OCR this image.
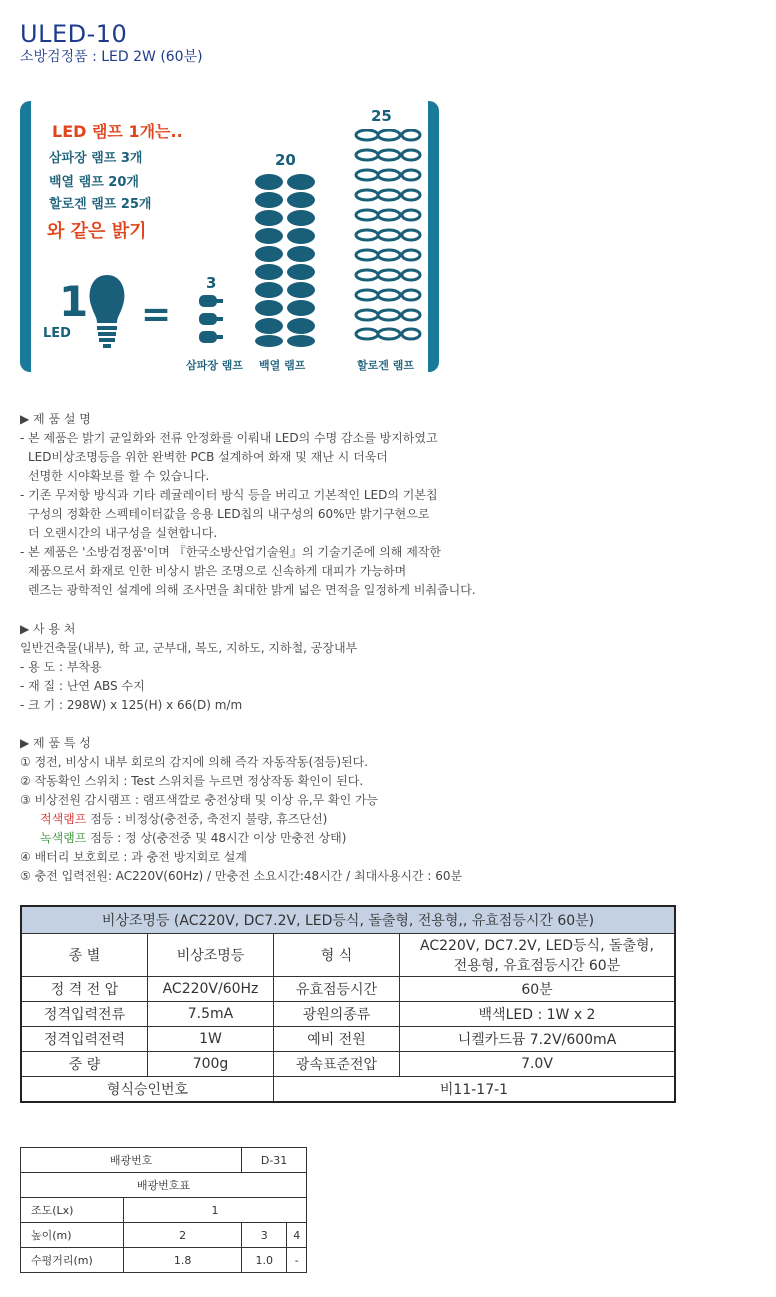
ULED-10
소방검정품 : LED 2W (60분)
LED 램프 1개는..
삼파장 램프 3개
백열 램프 20개
할로겐 램프 25개
와 같은 밝기
1
LED =
3
삼파장 램프
20
백열 램프
25
할로겐 램프

▶ 제 품 설 명

- 본 제품은 밝기 균일화와 전류 안정화를 이뤄내 LED의 수명 감소를 방지하였고

LED비상조명등을 위한 완벽한 PCB 설계하여 화재 및 재난 시 더욱더

선명한 시야확보를 할 수 있습니다.

- 기존 무저항 방식과 기타 레귤레이터 방식 등을 버리고 기본적인 LED의 기본칩

구성의 정확한 스펙테이터값을 응용 LED칩의 내구성의 60%만 밝기구현으로

더 오랜시간의 내구성을 실현합니다.

- 본 제품은 '소방검정품'이며 『한국소방산업기술원』의 기술기준에 의해 제작한

제품으로서 화재로 인한 비상시 밝은 조명으로 신속하게 대피가 가능하며

렌즈는 광학적인 설계에 의해 조사면을 최대한 밝게 넓은 면적을 일정하게 비춰줍니다.

▶ 사 용 처

일반건축물(내부), 학 교, 군부대, 복도, 지하도, 지하철, 공장내부

- 용 도 : 부착용

- 재 질 : 난연 ABS 수지

- 크 기 : 298W) x 125(H) x 66(D) m/m

▶ 제 품 특 성

① 정전, 비상시 내부 회로의 감지에 의해 즉각 자동작동(점등)된다.

② 작동확인 스위치 : Test 스위치를 누르면 정상작동 확인이 된다.

③ 비상전원 감시램프 : 램프색깔로 충전상태 및 이상 유,무 확인 가능

적색램프 점등 : 비정상(충전중, 축전지 불량, 휴즈단선)

녹색램프 점등 : 정 상(충전중 및 48시간 이상 만충전 상태)

④ 배터리 보호회로 : 과 충전 방지회로 설계

⑤ 충전 입력전원: AC220V(60Hz) / 만충전 소요시간:48시간 / 최대사용시간 : 60분

비상조명등 (AC220V, DC7.2V, LED등식, 돌출형, 전용형,, 유효점등시간 60분)			
종 별	비상조명등	형 식	AC220V, DC7.2V, LED등식, 돌출형,
전용형, 유효점등시간 60분

정 격 전 압	AC220V/60Hz	유효점등시간	60분
정격입력전류	7.5mA	광원의종류	백색LED : 1W x 2
정격입력전력	1W	예비 전원	니켈카드뮴 7.2V/600mA
중 량	700g	광속표준전압	7.0V
형식승인번호		비11-17-1	
배광번호		D-31	
배광번호표			
조도(Lx)	1		
높이(m)	2	3	4
수평거리(m)	1.8	1.0	-
